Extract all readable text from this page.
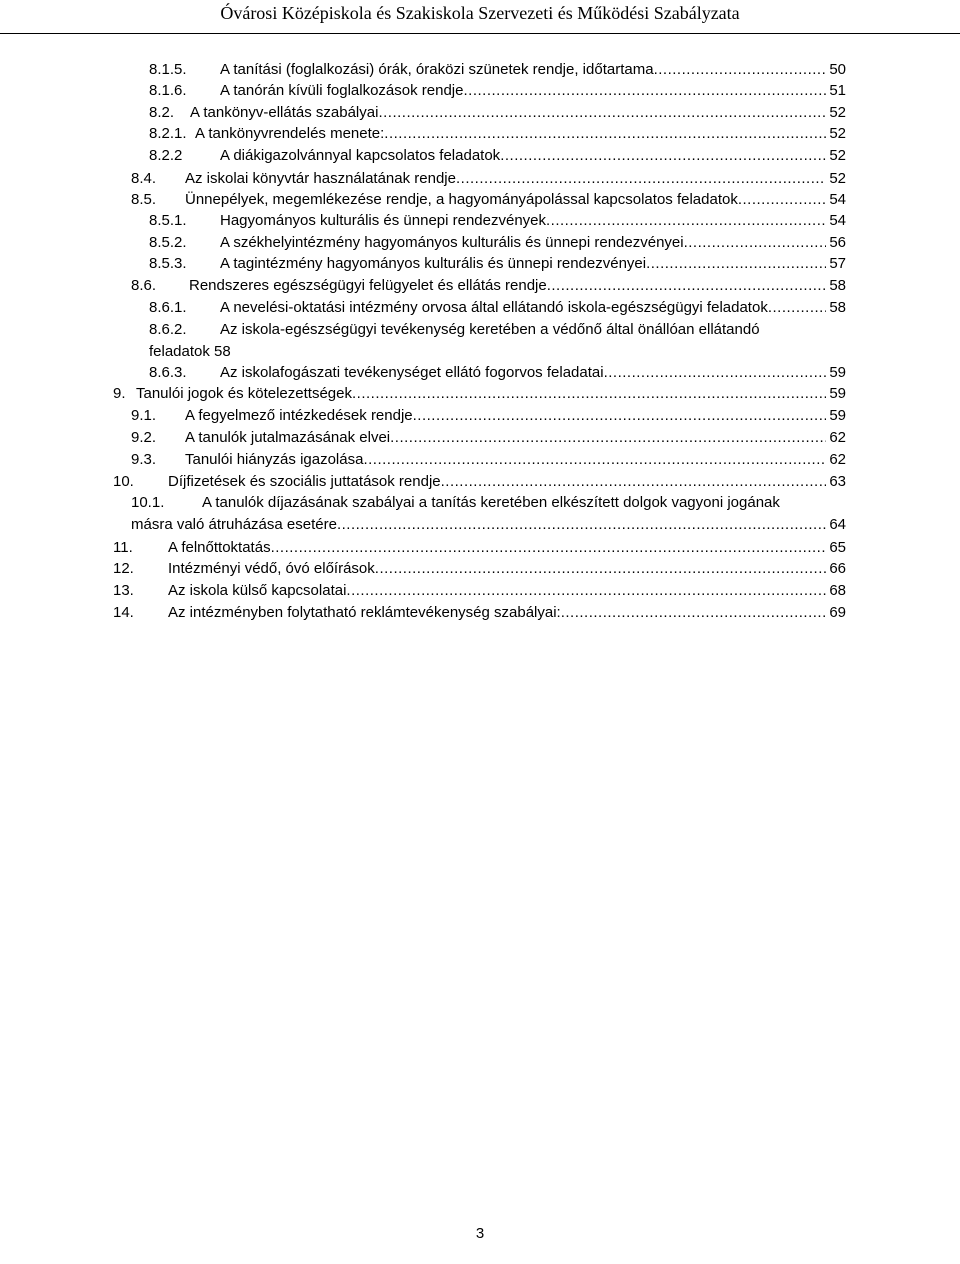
Óvárosi Középiskola és Szakiskola Szervezeti és Működési Szabályzata
8.1.5. A tanítási (foglalkozási) órák, óraközi szünetek rendje, időtartama .....	50
8.1.6. A tanórán kívüli foglalkozások rendje .....	51
8.2. A tankönyv-ellátás szabályai .....	52
8.2.1. A tankönyvrendelés menete: .....	52
8.2.2	A diákigazolvánnyal kapcsolatos feladatok .....	52
8.4. Az iskolai könyvtár használatának rendje .....	52
8.5. Ünnepélyek, megemlékezése rendje, a hagyományápolással kapcsolatos feladatok .....	54
8.5.1. Hagyományos kulturális és ünnepi rendezvények .....	54
8.5.2. A székhelyintézmény hagyományos kulturális és ünnepi rendezvényei .....	56
8.5.3. A tagintézmény hagyományos kulturális és ünnepi rendezvényei .....	57
8.6. Rendszeres egészségügyi felügyelet és ellátás rendje .....	58
8.6.1. A nevelési-oktatási intézmény orvosa által ellátandó iskola-egészségügyi feladatok .....	58
8.6.2. Az iskola-egészségügyi tevékenység keretében a védőnő által önállóan ellátandó
feladatok 58
8.6.3. Az iskolafogászati tevékenységet ellátó fogorvos feladatai .....	59
9. Tanulói jogok és kötelezettségek .....	59
9.1. A fegyelmező intézkedések rendje .....	59
9.2. A tanulók jutalmazásának elvei .....	62
9.3. Tanulói hiányzás igazolása .....	62
10. Díjfizetések és szociális juttatások rendje .....	63
10.1.	A tanulók díjazásának szabályai a tanítás keretében elkészített dolgok vagyoni jogának
másra való átruházása esetére .....	64
11. A felnőttoktatás .....	65
12. Intézményi védő, óvó előírások .....	66
13. Az iskola külső kapcsolatai .....	68
14. Az intézményben folytatható reklámtevékenység szabályai: .....	69
3
